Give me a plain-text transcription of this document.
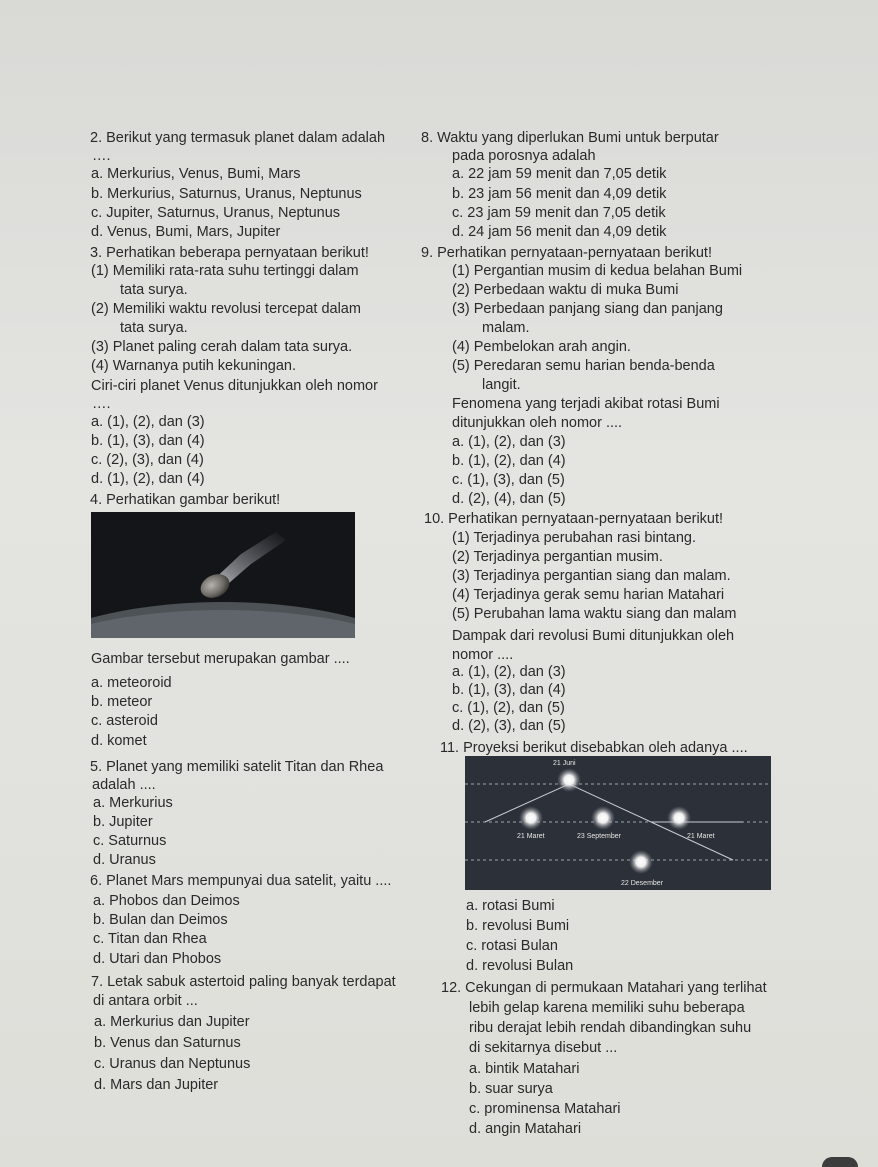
2. Berikut yang termasuk planet dalam adalah
….
a. Merkurius, Venus, Bumi, Mars
b. Merkurius, Saturnus, Uranus, Neptunus
c. Jupiter, Saturnus, Uranus, Neptunus
d. Venus, Bumi, Mars, Jupiter
3. Perhatikan beberapa pernyataan berikut!
(1) Memiliki rata-rata suhu tertinggi dalam
tata surya.
(2) Memiliki waktu revolusi tercepat dalam
tata surya.
(3) Planet paling cerah dalam tata surya.
(4) Warnanya putih kekuningan.
Ciri-ciri planet Venus ditunjukkan oleh nomor
….
a. (1), (2), dan (3)
b. (1), (3), dan (4)
c. (2), (3), dan (4)
d. (1), (2), dan (4)
4. Perhatikan gambar berikut!
Gambar tersebut merupakan gambar ....
a. meteoroid
b. meteor
c. asteroid
d. komet
5. Planet yang memiliki satelit Titan dan Rhea
adalah ....
a. Merkurius
b. Jupiter
c. Saturnus
d. Uranus
6. Planet Mars mempunyai dua satelit, yaitu ....
a. Phobos dan Deimos
b. Bulan dan Deimos
c. Titan dan Rhea
d. Utari dan Phobos
7. Letak sabuk astertoid paling banyak terdapat
di antara orbit ...
a. Merkurius dan Jupiter
b. Venus dan Saturnus
c. Uranus dan Neptunus
d. Mars dan Jupiter
8. Waktu yang diperlukan Bumi untuk berputar
pada porosnya adalah
a. 22 jam 59 menit dan 7,05 detik
b. 23 jam 56 menit dan 4,09 detik
c. 23 jam 59 menit dan 7,05 detik
d. 24 jam 56 menit dan 4,09 detik
9. Perhatikan pernyataan-pernyataan berikut!
(1) Pergantian musim di kedua belahan Bumi
(2) Perbedaan waktu di muka Bumi
(3) Perbedaan panjang siang dan panjang
malam.
(4) Pembelokan arah angin.
(5) Peredaran semu harian benda-benda
langit.
Fenomena yang terjadi akibat rotasi Bumi
ditunjukkan oleh nomor ....
a. (1), (2), dan (3)
b. (1), (2), dan (4)
c. (1), (3), dan (5)
d. (2), (4), dan (5)
10. Perhatikan pernyataan-pernyataan berikut!
(1) Terjadinya perubahan rasi bintang.
(2) Terjadinya pergantian musim.
(3) Terjadinya pergantian siang dan malam.
(4) Terjadinya gerak semu harian Matahari
(5) Perubahan lama waktu siang dan malam
Dampak dari revolusi Bumi ditunjukkan oleh
nomor ....
a. (1), (2), dan (3)
b. (1), (3), dan (4)
c. (1), (2), dan (5)
d. (2), (3), dan (5)
11. Proyeksi berikut disebabkan oleh adanya ....
21 Juni
21 Maret	23 September	21 Maret
22 Desember
a. rotasi Bumi
b. revolusi Bumi
c. rotasi Bulan
d. revolusi Bulan
12. Cekungan di permukaan Matahari yang terlihat
lebih gelap karena memiliki suhu beberapa
ribu derajat lebih rendah dibandingkan suhu
di sekitarnya disebut ...
a. bintik Matahari
b. suar surya
c. prominensa Matahari
d. angin Matahari
